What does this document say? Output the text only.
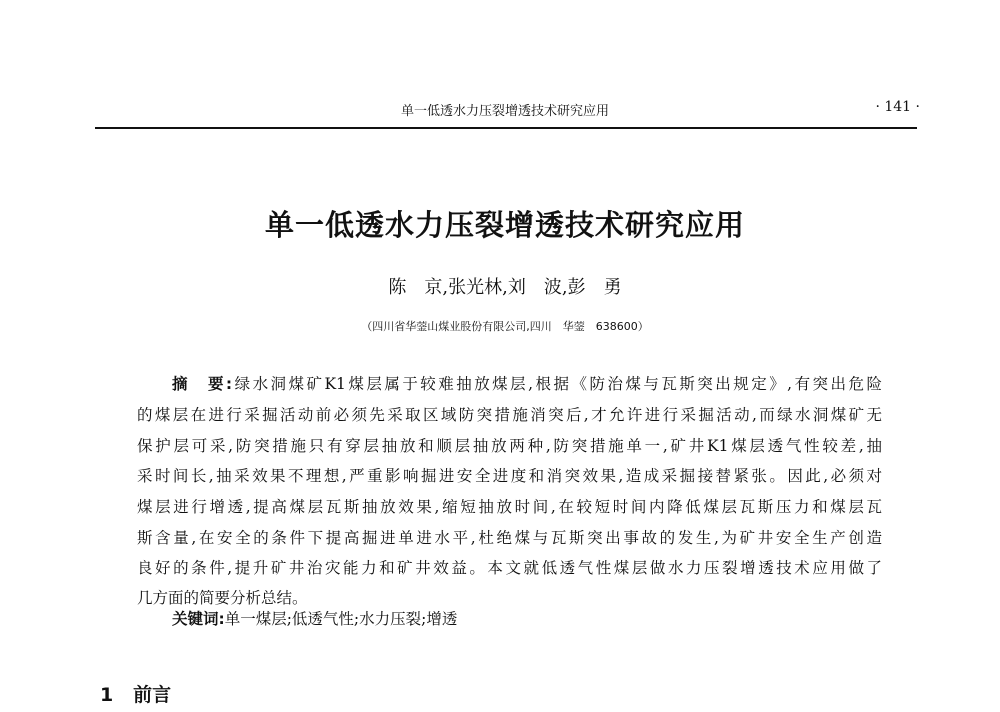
单一低透水力压裂增透技术研究应用	· 141 ·
单一低透水力压裂增透技术研究应用
陈　京,张光林,刘　波,彭　勇
（四川省华蓥山煤业股份有限公司,四川　华蓥　638600）
摘　要:绿水洞煤矿K1煤层属于较难抽放煤层,根据《防治煤与瓦斯突出规定》,有突出危险
的煤层在进行采掘活动前必须先采取区域防突措施消突后,才允许进行采掘活动,而绿水洞煤矿无
保护层可采,防突措施只有穿层抽放和顺层抽放两种,防突措施单一,矿井K1煤层透气性较差,抽
采时间长,抽采效果不理想,严重影响掘进安全进度和消突效果,造成采掘接替紧张。因此,必须对
煤层进行增透,提高煤层瓦斯抽放效果,缩短抽放时间,在较短时间内降低煤层瓦斯压力和煤层瓦
斯含量,在安全的条件下提高掘进单进水平,杜绝煤与瓦斯突出事故的发生,为矿井安全生产创造
良好的条件,提升矿井治灾能力和矿井效益。本文就低透气性煤层做水力压裂增透技术应用做了
几方面的简要分析总结。
关键词:单一煤层;低透气性;水力压裂;增透
1 前言
